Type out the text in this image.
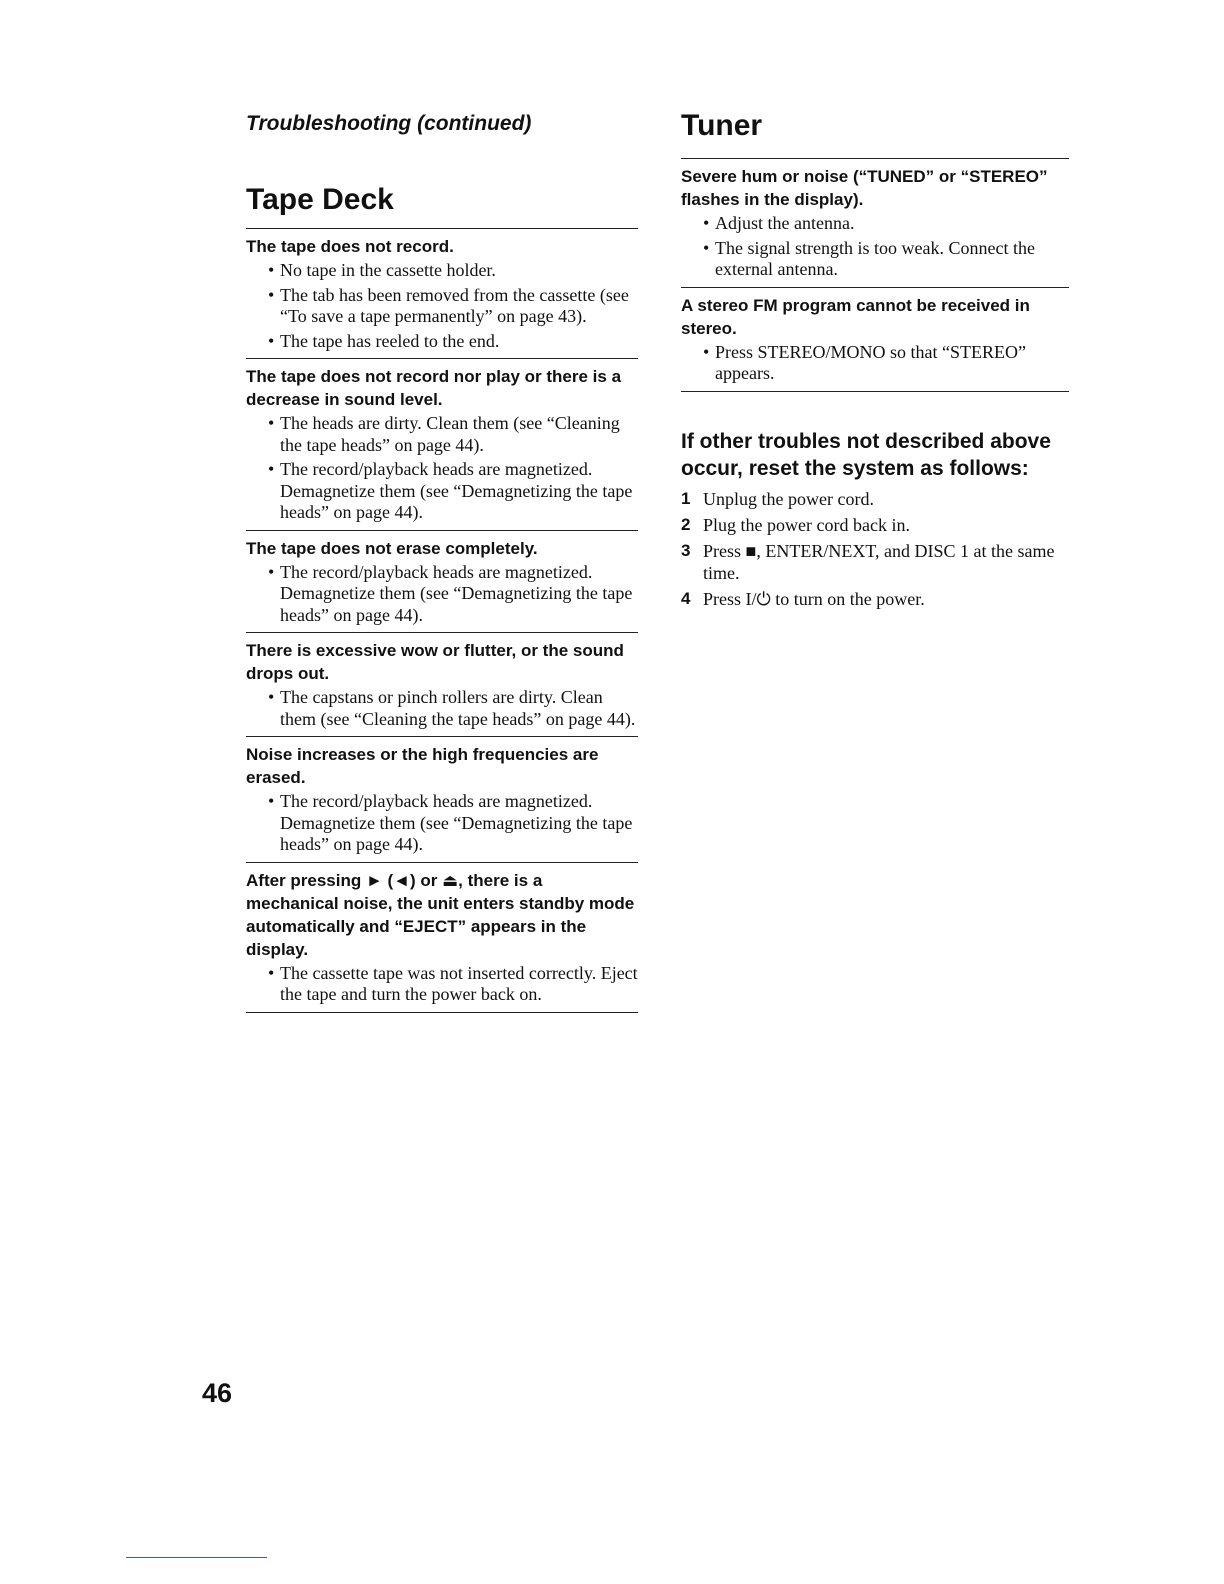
Troubleshooting (continued)
Tape Deck
The tape does not record.
• No tape in the cassette holder.
• The tab has been removed from the cassette (see “To save a tape permanently” on page 43).
• The tape has reeled to the end.
The tape does not record nor play or there is a decrease in sound level.
• The heads are dirty. Clean them (see “Cleaning the tape heads” on page 44).
• The record/playback heads are magnetized. Demagnetize them (see “Demagnetizing the tape heads” on page 44).
The tape does not erase completely.
• The record/playback heads are magnetized. Demagnetize them (see “Demagnetizing the tape heads” on page 44).
There is excessive wow or flutter, or the sound drops out.
• The capstans or pinch rollers are dirty. Clean them (see “Cleaning the tape heads” on page 44).
Noise increases or the high frequencies are erased.
• The record/playback heads are magnetized. Demagnetize them (see “Demagnetizing the tape heads” on page 44).
After pressing ► (◄) or ⏏, there is a mechanical noise, the unit enters standby mode automatically and “EJECT” appears in the display.
• The cassette tape was not inserted correctly. Eject the tape and turn the power back on.
Tuner
Severe hum or noise (“TUNED” or “STEREO” flashes in the display).
• Adjust the antenna.
• The signal strength is too weak. Connect the external antenna.
A stereo FM program cannot be received in stereo.
• Press STEREO/MONO so that “STEREO” appears.
If other troubles not described above occur, reset the system as follows:
1 Unplug the power cord.
2 Plug the power cord back in.
3 Press ■, ENTER/NEXT, and DISC 1 at the same time.
4 Press I/⏻ to turn on the power.
46
